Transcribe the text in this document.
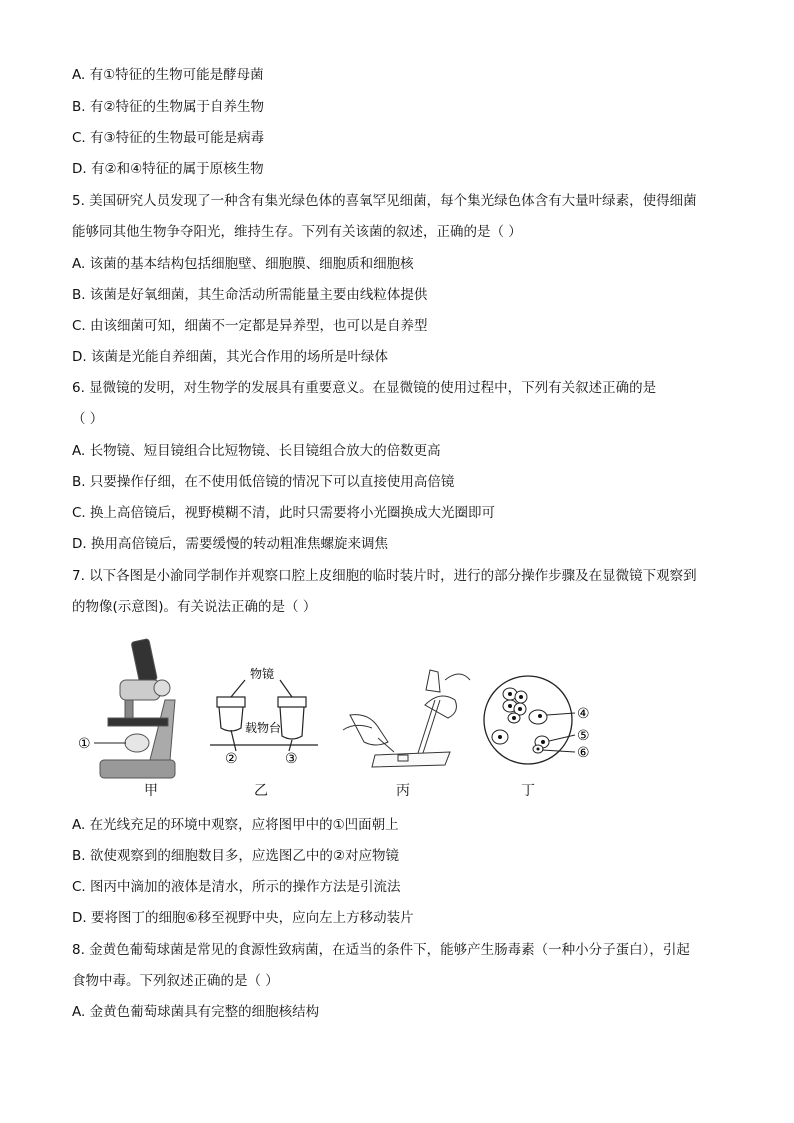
A. 有①特征的生物可能是酵母菌
B. 有②特征的生物属于自养生物
C. 有③特征的生物最可能是病毒
D. 有②和④特征的属于原核生物
5. 美国研究人员发现了一种含有集光绿色体的喜氧罕见细菌，每个集光绿色体含有大量叶绿素，使得细菌
能够同其他生物争夺阳光，维持生存。下列有关该菌的叙述，正确的是（ ）
A. 该菌的基本结构包括细胞壁、细胞膜、细胞质和细胞核
B. 该菌是好氧细菌，其生命活动所需能量主要由线粒体提供
C. 由该细菌可知，细菌不一定都是异养型，也可以是自养型
D. 该菌是光能自养细菌，其光合作用的场所是叶绿体
6. 显微镜的发明，对生物学的发展具有重要意义。在显微镜的使用过程中，下列有关叙述正确的是
（ ）
A. 长物镜、短目镜组合比短物镜、长目镜组合放大的倍数更高
B. 只要操作仔细，在不使用低倍镜的情况下可以直接使用高倍镜
C. 换上高倍镜后，视野模糊不清，此时只需要将小光圈换成大光圈即可
D. 换用高倍镜后，需要缓慢的转动粗准焦螺旋来调焦
7. 以下各图是小渝同学制作并观察口腔上皮细胞的临时装片时，进行的部分操作步骤及在显微镜下观察到
的物像(示意图)。有关说法正确的是（ ）
①
物镜
载物台
②	③
④
⑤
⑥
甲	乙	丙	丁
A. 在光线充足的环境中观察，应将图甲中的①凹面朝上
B. 欲使观察到的细胞数目多，应选图乙中的②对应物镜
C. 图丙中滴加的液体是清水，所示的操作方法是引流法
D. 要将图丁的细胞⑥移至视野中央，应向左上方移动装片
8. 金黄色葡萄球菌是常见的食源性致病菌，在适当的条件下，能够产生肠毒素（一种小分子蛋白），引起
食物中毒。下列叙述正确的是（ ）
A. 金黄色葡萄球菌具有完整的细胞核结构
